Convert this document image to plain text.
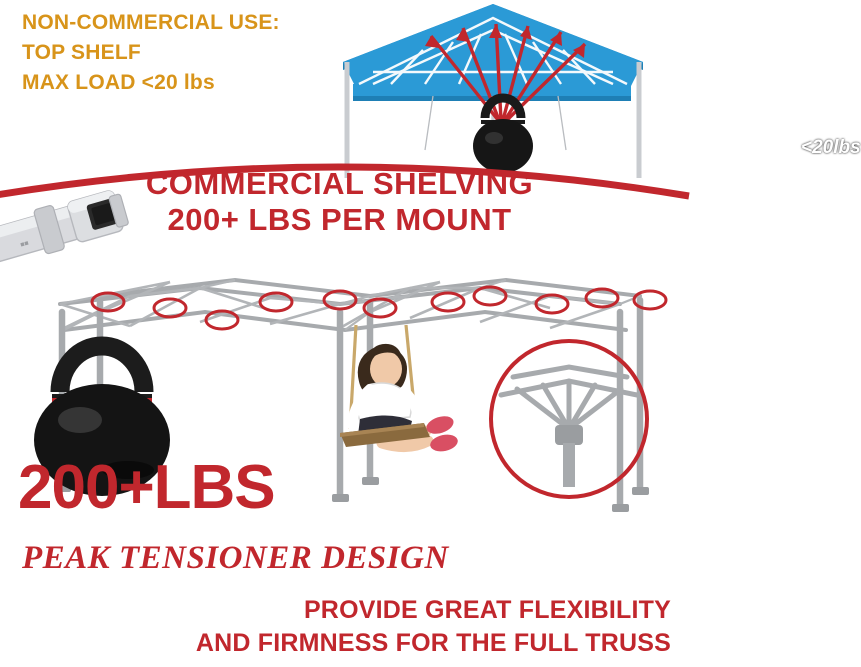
NON-COMMERCIAL USE:
TOP SHELF
MAX LOAD <20 lbs
<20lbs
COMMERCIAL SHELVING
200+ LBS PER MOUNT
■■
200+LBS
PEAK TENSIONER DESIGN
PROVIDE GREAT FLEXIBILITY
AND FIRMNESS FOR THE FULL TRUSS
